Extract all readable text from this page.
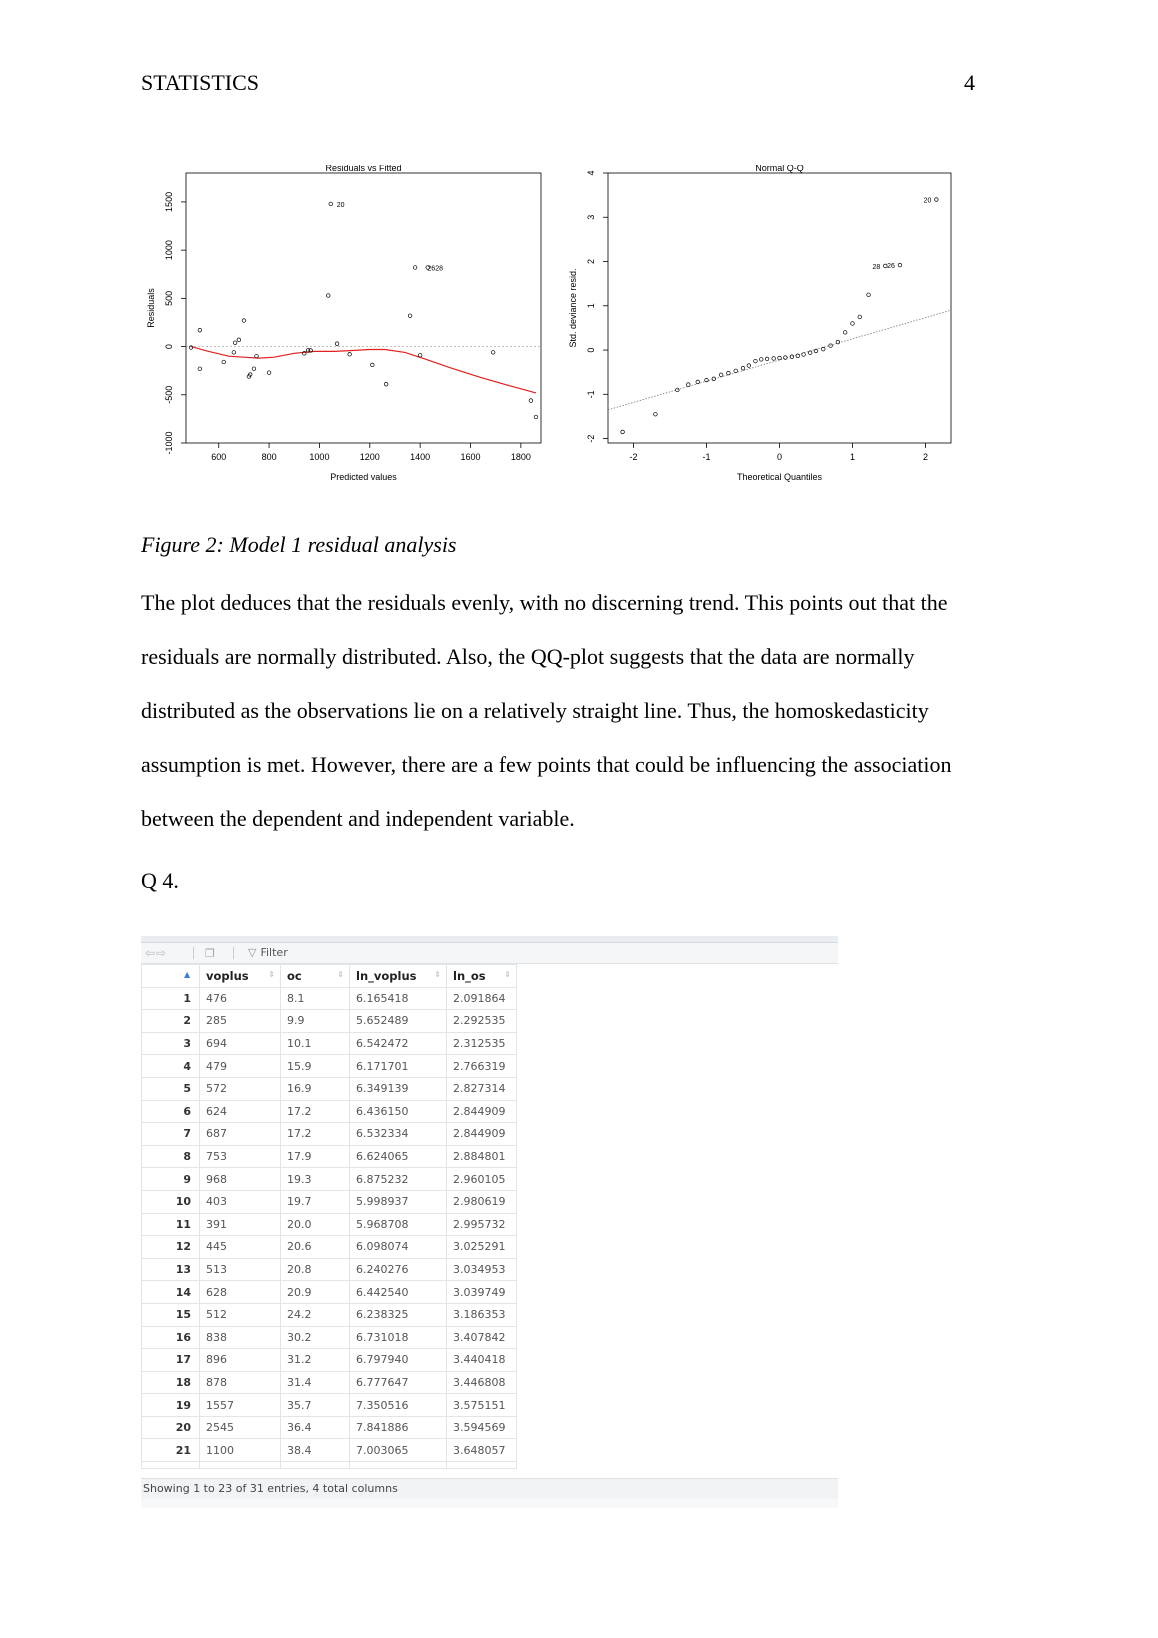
STATISTICS	4
Residuals vs Fitted
Predicted values
Residuals
600	800	1000	1200	1400	1600	1800
-1000
-500
0
500
1000
1500	20
2628
Normal Q-Q
Theoretical Quantiles
Std. deviance resid.
-2	-1	0	1	2
-2
-1
0
1
2
3
4
20
28 26
Figure 2: Model 1 residual analysis

The plot deduces that the residuals evenly, with no discerning trend. This points out that the

residuals are normally distributed. Also, the QQ-plot suggests that the data are normally

distributed as the observations lie on a relatively straight line. Thus, the homoskedasticity

assumption is met. However, there are a few points that could be influencing the association

between the dependent and independent variable.

Q 4.
⇦⇨	❐	▽ Filter
▲	voplus ⇕	oc ⇕	ln_voplus ⇕	ln_os ⇕

1	476	8.1	6.165418	2.091864
2	285	9.9	5.652489	2.292535
3	694	10.1	6.542472	2.312535
4	479	15.9	6.171701	2.766319
5	572	16.9	6.349139	2.827314
6	624	17.2	6.436150	2.844909
7	687	17.2	6.532334	2.844909
8	753	17.9	6.624065	2.884801
9	968	19.3	6.875232	2.960105
10	403	19.7	5.998937	2.980619
11	391	20.0	5.968708	2.995732
12	445	20.6	6.098074	3.025291
13	513	20.8	6.240276	3.034953
14	628	20.9	6.442540	3.039749
15	512	24.2	6.238325	3.186353
16	838	30.2	6.731018	3.407842
17	896	31.2	6.797940	3.440418
18	878	31.4	6.777647	3.446808
19	1557	35.7	7.350516	3.575151
20	2545	36.4	7.841886	3.594569
21	1100	38.4	7.003065	3.648057

Showing 1 to 23 of 31 entries, 4 total columns
